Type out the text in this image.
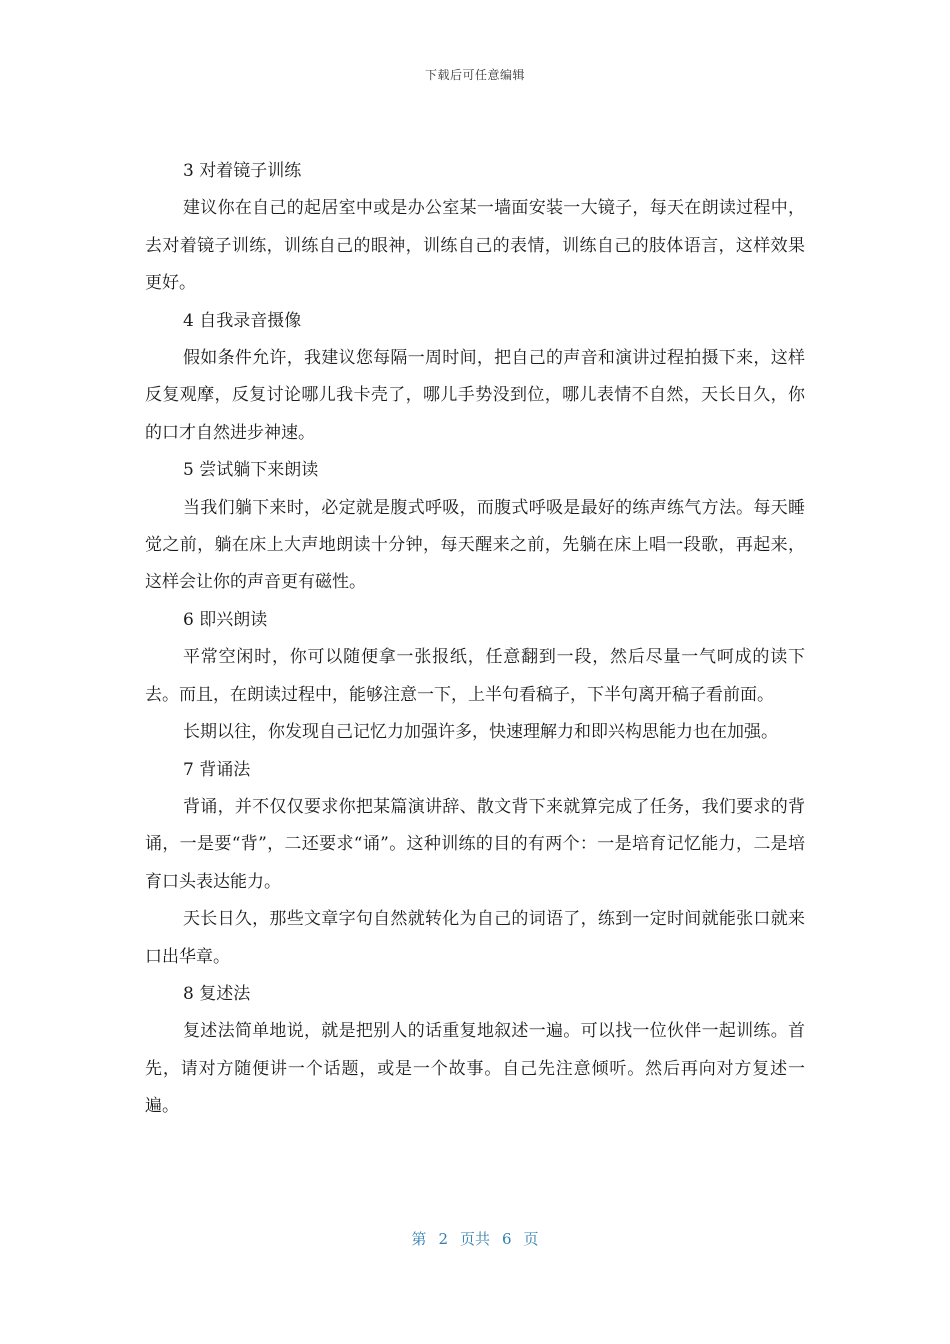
下载后可任意编辑

3 对着镜子训练

建议你在自己的起居室中或是办公室某一墙面安装一大镜子，每天在朗读过程中，去对着镜子训练，训练自己的眼神，训练自己的表情，训练自己的肢体语言，这样效果更好。

4 自我录音摄像

假如条件允许，我建议您每隔一周时间，把自己的声音和演讲过程拍摄下来，这样反复观摩，反复讨论哪儿我卡壳了，哪儿手势没到位，哪儿表情不自然，天长日久，你的口才自然进步神速。

5 尝试躺下来朗读

当我们躺下来时，必定就是腹式呼吸，而腹式呼吸是最好的练声练气方法。每天睡觉之前，躺在床上大声地朗读十分钟，每天醒来之前，先躺在床上唱一段歌，再起来，这样会让你的声音更有磁性。

6 即兴朗读

平常空闲时，你可以随便拿一张报纸，任意翻到一段，然后尽量一气呵成的读下去。而且，在朗读过程中，能够注意一下，上半句看稿子，下半句离开稿子看前面。

长期以往，你发现自己记忆力加强许多，快速理解力和即兴构思能力也在加强。

7 背诵法

背诵，并不仅仅要求你把某篇演讲辞、散文背下来就算完成了任务，我们要求的背诵，一是要“背”，二还要求“诵”。这种训练的目的有两个：一是培育记忆能力，二是培育口头表达能力。

天长日久，那些文章字句自然就转化为自己的词语了，练到一定时间就能张口就来口出华章。

8 复述法

复述法简单地说，就是把别人的话重复地叙述一遍。可以找一位伙伴一起训练。首先，请对方随便讲一个话题，或是一个故事。自己先注意倾听。然后再向对方复述一遍。

第 2 页共 6 页
